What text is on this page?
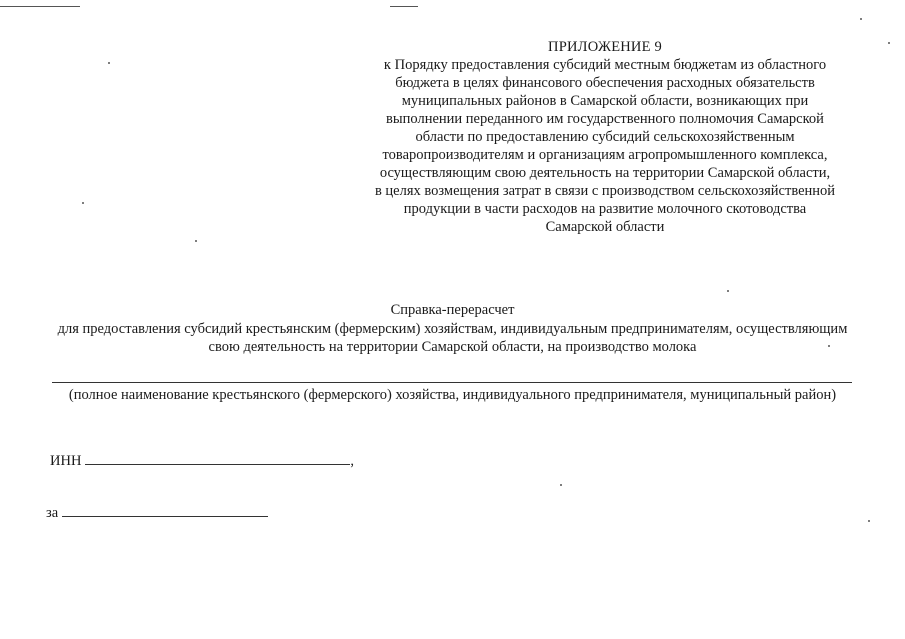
ПРИЛОЖЕНИЕ 9
к Порядку предоставления субсидий местным бюджетам из областного
бюджета в целях финансового обеспечения расходных обязательств
муниципальных районов в Самарской области, возникающих при
выполнении переданного им государственного полномочия Самарской
области по предоставлению субсидий сельскохозяйственным
товаропроизводителям и организациям агропромышленного комплекса,
осуществляющим свою деятельность на территории Самарской области,
в целях возмещения затрат в связи с производством сельскохозяйственной
продукции в части расходов на развитие молочного скотоводства
Самарской области
Справка-перерасчет
для предоставления субсидий крестьянским (фермерским) хозяйствам, индивидуальным предпринимателям, осуществляющим
свою деятельность на территории Самарской области, на производство молока
(полное наименование крестьянского (фермерского) хозяйства, индивидуального предпринимателя, муниципальный район)
ИНН	,
за
